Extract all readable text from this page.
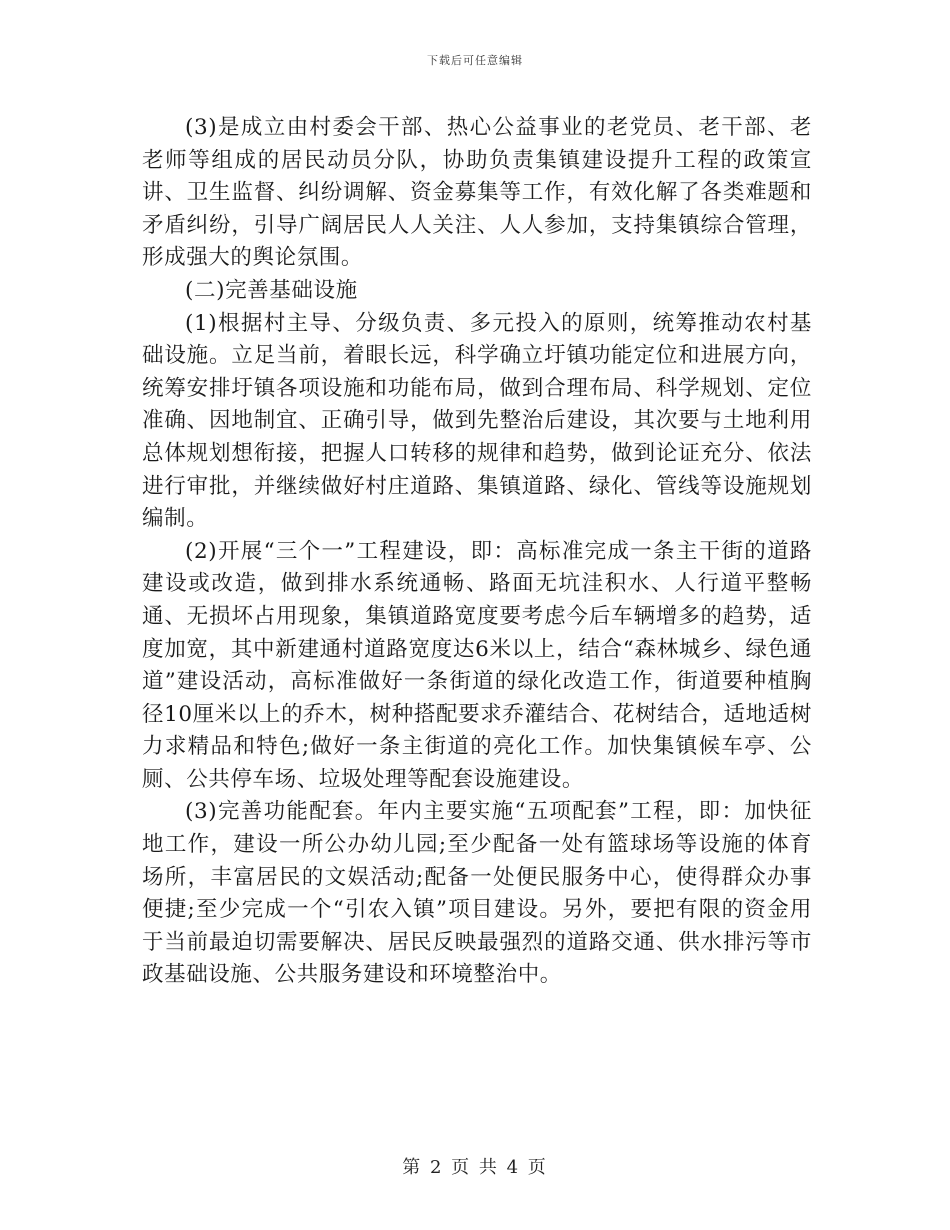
下载后可任意编辑

(3)是成立由村委会干部、热心公益事业的老党员、老干部、老老师等组成的居民动员分队，协助负责集镇建设提升工程的政策宣讲、卫生监督、纠纷调解、资金募集等工作，有效化解了各类难题和矛盾纠纷，引导广阔居民人人关注、人人参加，支持集镇综合管理，形成强大的舆论氛围。

(二)完善基础设施

(1)根据村主导、分级负责、多元投入的原则，统筹推动农村基础设施。立足当前，着眼长远，科学确立圩镇功能定位和进展方向，统筹安排圩镇各项设施和功能布局，做到合理布局、科学规划、定位准确、因地制宜、正确引导，做到先整治后建设，其次要与土地利用总体规划想衔接，把握人口转移的规律和趋势，做到论证充分、依法进行审批，并继续做好村庄道路、集镇道路、绿化、管线等设施规划编制。

(2)开展“三个一”工程建设，即：高标准完成一条主干街的道路建设或改造，做到排水系统通畅、路面无坑洼积水、人行道平整畅通、无损坏占用现象，集镇道路宽度要考虑今后车辆增多的趋势，适度加宽，其中新建通村道路宽度达6米以上，结合“森林城乡、绿色通道”建设活动，高标准做好一条街道的绿化改造工作，街道要种植胸径10厘米以上的乔木，树种搭配要求乔灌结合、花树结合，适地适树力求精品和特色;做好一条主街道的亮化工作。加快集镇候车亭、公厕、公共停车场、垃圾处理等配套设施建设。

(3)完善功能配套。年内主要实施“五项配套”工程，即：加快征地工作，建设一所公办幼儿园;至少配备一处有篮球场等设施的体育场所，丰富居民的文娱活动;配备一处便民服务中心，使得群众办事便捷;至少完成一个“引农入镇”项目建设。另外，要把有限的资金用于当前最迫切需要解决、居民反映最强烈的道路交通、供水排污等市政基础设施、公共服务建设和环境整治中。

第 2 页 共 4 页
